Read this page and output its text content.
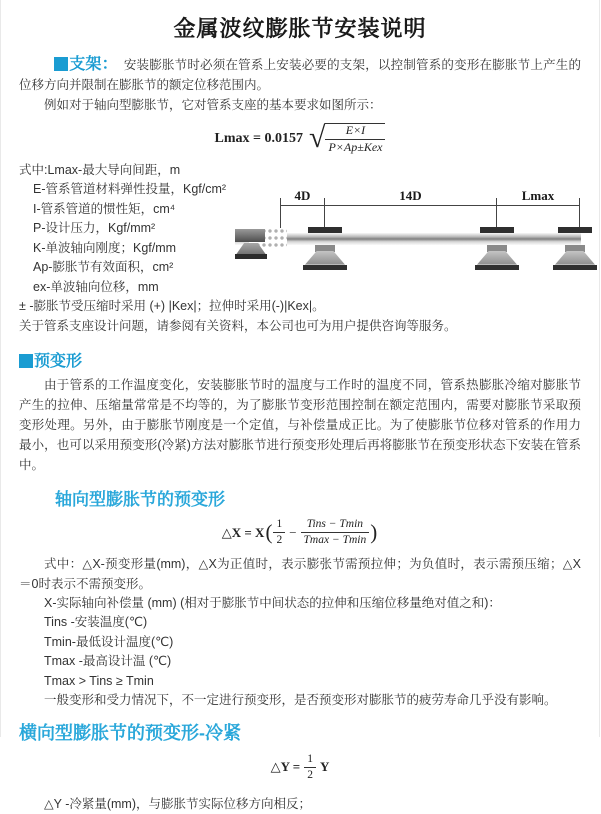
金属波纹膨胀节安装说明

支架： 安装膨胀节时必须在管系上安装必要的支架，以控制管系的变形在膨胀节上产生的位移方向并限制在膨胀节的额定位移范围内。

例如对于轴向型膨胀节，它对管系支座的基本要求如图所示：

Lmax = 0.0157 √ $\frac{E\times I}{\text{P×Ap±Kex}}$
式中:Lmax-最大导向间距，m
E-管系管道材料弹性投量，Kgf/cm²
I-管系管道的惯性矩，cm⁴
P-设计压力，Kgf/mm²
K-单波轴向刚度；Kgf/mm
Ap-膨胀节有效面积，cm²
ex-单波轴向位移，mm
± -膨胀节受压缩时采用 (+) |Kex|；拉伸时采用(-)|Kex|。
关于管系支座设计问题，请参阅有关资料，本公司也可为用户提供咨询等服务。
4D	14D	Lmax
预变形

由于管系的工作温度变化，安装膨胀节时的温度与工作时的温度不同，管系热膨胀冷缩对膨胀节产生的拉伸、压缩量常常是不均等的，为了膨胀节变形范围控制在额定范围内，需要对膨胀节采取预变形处理。另外，由于膨胀节刚度是一个定值，与补偿量成正比。为了使膨胀节位移对管系的作用力最小，也可以采用预变形(冷紧)方法对膨胀节进行预变形处理后再将膨胀节在预变形状态下安装在管系中。

轴向型膨胀节的预变形
△X = X ( $\frac{1}{2} - \frac{\text{Tins − Tmin}}{Tmax - Tmin}$ )

式中：△X-预变形量(mm)，△X为正值时，表示膨张节需预拉伸；为负值时，表示需预压缩；△X＝0时表示不需预变形。

X-实际轴向补偿量 (mm) (相对于膨胀节中间状态的拉伸和压缩位移量绝对值之和)：
Tins -安装温度(℃)
Tmin-最低设计温度(℃)
Tmax -最高设计温 (℃)
Tmax > Tins ≥ Tmin
一般变形和受力情况下，不一定进行预变形，是否预变形对膨胀节的疲劳寿命几乎没有影响。
横向型膨胀节的预变形-冷紧
△Y = $\frac{1}{2}$ Y
△Y -冷紧量(mm)，与膨胀节实际位移方向相反；
